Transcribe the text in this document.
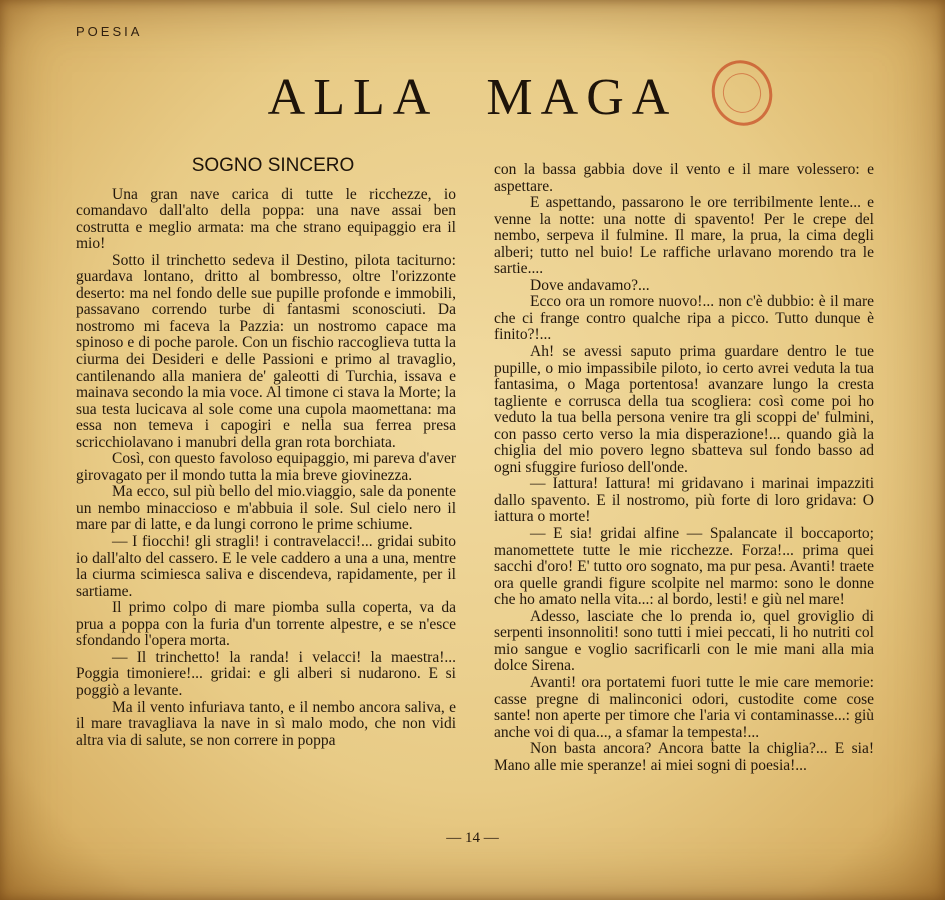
POESIA
ALLA MAGA
SOGNO SINCERO

Una gran nave carica di tutte le ricchezze, io comandavo dall'alto della poppa: una nave assai ben costrutta e meglio armata: ma che strano equipaggio era il mio!

Sotto il trinchetto sedeva il Destino, pilota taciturno: guardava lontano, dritto al bombresso, oltre l'orizzonte deserto: ma nel fondo delle sue pupille profonde e immobili, passavano correndo turbe di fantasmi sconosciuti. Da nostromo mi faceva la Pazzia: un nostromo capace ma spinoso e di poche parole. Con un fischio raccoglieva tutta la ciurma dei Desideri e delle Passioni e primo al travaglio, cantilenando alla maniera de' galeotti di Turchia, issava e mainava secondo la mia voce. Al timone ci stava la Morte; la sua testa lucicava al sole come una cupola maomettana: ma essa non temeva i capogiri e nella sua ferrea presa scricchiolavano i manubri della gran rota borchiata.

Così, con questo favoloso equipaggio, mi pareva d'aver girovagato per il mondo tutta la mia breve giovinezza.

Ma ecco, sul più bello del mio.viaggio, sale da ponente un nembo minaccioso e m'abbuia il sole. Sul cielo nero il mare par di latte, e da lungi corrono le prime schiume.

— I fiocchi! gli stragli! i contravelacci!... gridai subito io dall'alto del cassero. E le vele caddero a una a una, mentre la ciurma scimiesca saliva e discendeva, rapidamente, per il sartiame.

Il primo colpo di mare piomba sulla coperta, va da prua a poppa con la furia d'un torrente alpestre, e se n'esce sfondando l'opera morta.

— Il trinchetto! la randa! i velacci! la maestra!... Poggia timoniere!... gridai: e gli alberi si nudarono. E si poggiò a levante.

Ma il vento infuriava tanto, e il nembo ancora saliva, e il mare travagliava la nave in sì malo modo, che non vidi altra via di salute, se non correre in poppa

con la bassa gabbia dove il vento e il mare volessero: e aspettare.

E aspettando, passarono le ore terribilmente lente... e venne la notte: una notte di spavento! Per le crepe del nembo, serpeva il fulmine. Il mare, la prua, la cima degli alberi; tutto nel buio! Le raffiche urlavano morendo tra le sartie....

Dove andavamo?...

Ecco ora un romore nuovo!... non c'è dubbio: è il mare che ci frange contro qualche ripa a picco. Tutto dunque è finito?!...

Ah! se avessi saputo prima guardare dentro le tue pupille, o mio impassibile piloto, io certo avrei veduta la tua fantasima, o Maga portentosa! avanzare lungo la cresta tagliente e corrusca della tua scogliera: così come poi ho veduto la tua bella persona venire tra gli scoppi de' fulmini, con passo certo verso la mia disperazione!... quando già la chiglia del mio povero legno sbatteva sul fondo basso ad ogni sfuggire furioso dell'onde.

— Iattura! Iattura! mi gridavano i marinai impazziti dallo spavento. E il nostromo, più forte di loro gridava: O iattura o morte!

— E sia! gridai alfine — Spalancate il boccaporto; manomettete tutte le mie ricchezze. Forza!... prima quei sacchi d'oro! E' tutto oro sognato, ma pur pesa. Avanti! traete ora quelle grandi figure scolpite nel marmo: sono le donne che ho amato nella vita...: al bordo, lesti! e giù nel mare!

Adesso, lasciate che lo prenda io, quel groviglio di serpenti insonnoliti! sono tutti i miei peccati, li ho nutriti col mio sangue e voglio sacrificarli con le mie mani alla mia dolce Sirena.

Avanti! ora portatemi fuori tutte le mie care memorie: casse pregne di malinconici odori, custodite come cose sante! non aperte per timore che l'aria vi contaminasse...: giù anche voi di qua..., a sfamar la tempesta!...

Non basta ancora? Ancora batte la chiglia?... E sia! Mano alle mie speranze! ai miei sogni di poesia!...

— 14 —
